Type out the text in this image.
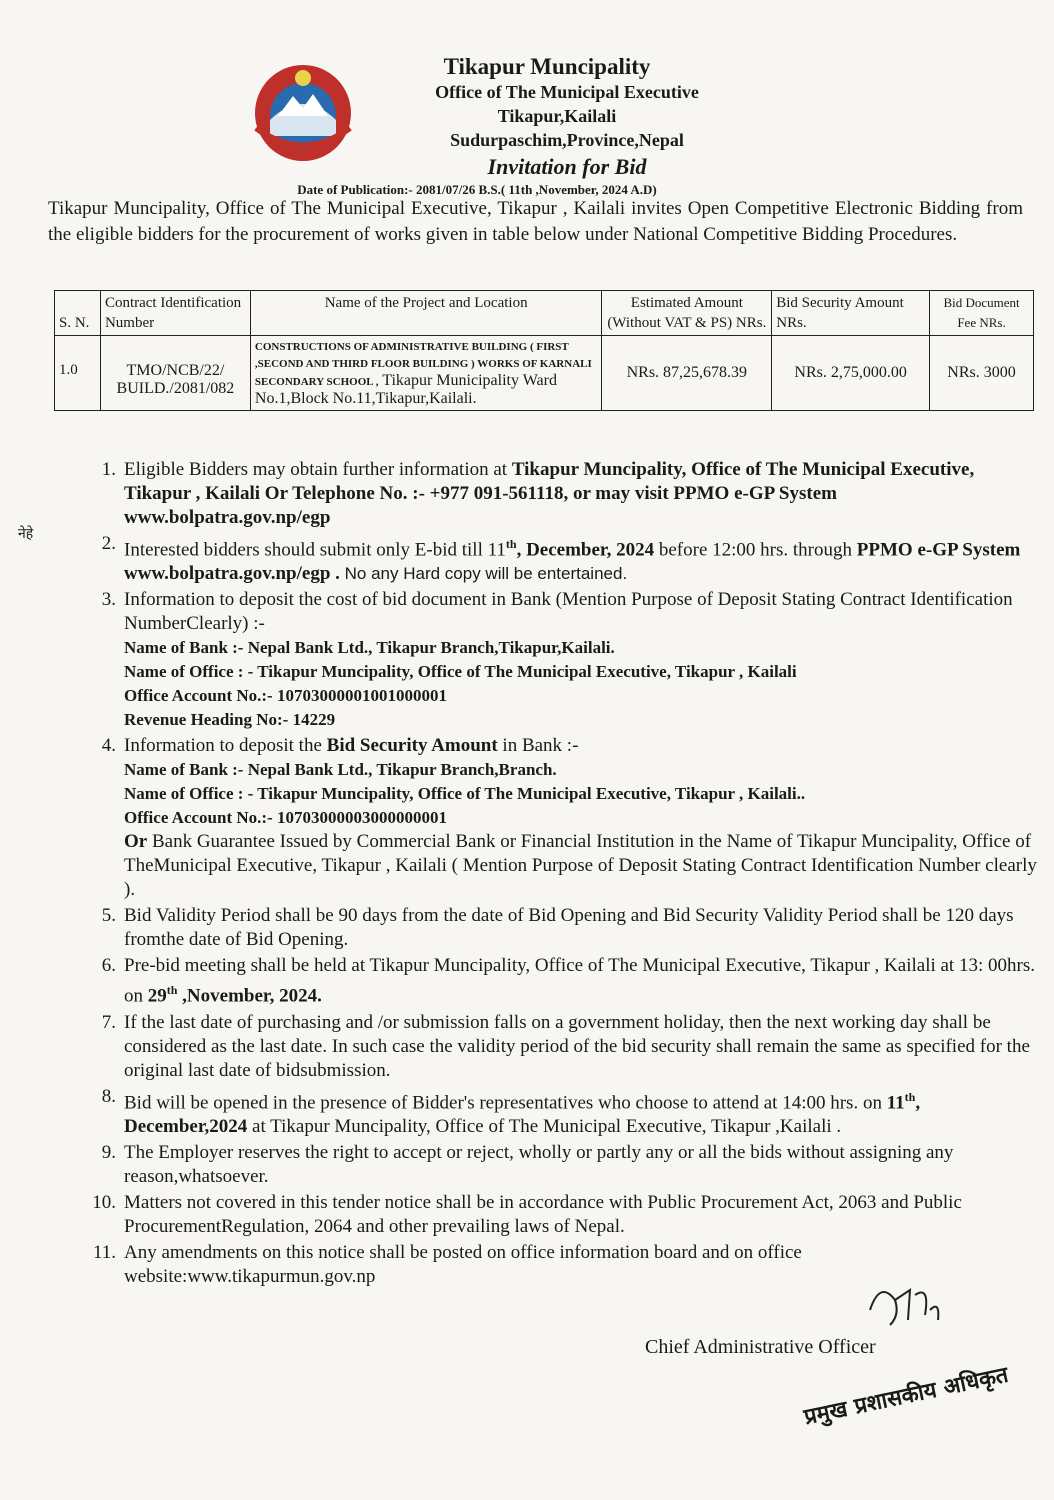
Tikapur Muncipality
Office of The Municipal Executive
Tikapur,Kailali
Sudurpaschim,Province,Nepal
Invitation for Bid
Date of Publication:- 2081/07/26 B.S.( 11th ,November, 2024 A.D)
Tikapur Muncipality, Office of The Municipal Executive, Tikapur , Kailali invites Open Competitive Electronic Bidding from the eligible bidders for the procurement of works given in table below under National Competitive Bidding Procedures.
S. N.	Contract Identification Number	Name of the Project and Location	Estimated Amount (Without VAT & PS) NRs.	Bid Security Amount NRs.	Bid Document Fee NRs.
1.0	TMO/NCB/22/ BUILD./2081/082	CONSTRUCTIONS OF ADMINISTRATIVE BUILDING ( FIRST ,SECOND AND THIRD FLOOR BUILDING ) WORKS OF KARNALI SECONDARY SCHOOL , Tikapur Municipality Ward No.1,Block No.11,Tikapur,Kailali.	NRs. 87,25,678.39	NRs. 2,75,000.00	NRs. 3000
नेहे
1. Eligible Bidders may obtain further information at Tikapur Muncipality, Office of The Municipal Executive, Tikapur , Kailali Or Telephone No. :- +977 091-561118, or may visit PPMO e-GP System www.bolpatra.gov.np/egp
2. Interested bidders should submit only E-bid till 11th, December, 2024 before 12:00 hrs. through PPMO e-GP System www.bolpatra.gov.np/egp . No any Hard copy will be entertained.
3. Information to deposit the cost of bid document in Bank (Mention Purpose of Deposit Stating Contract Identification NumberClearly) :-
Name of Bank :- Nepal Bank Ltd., Tikapur Branch,Tikapur,Kailali.
Name of Office : - Tikapur Muncipality, Office of The Municipal Executive, Tikapur , Kailali
Office Account No.:- 10703000001001000001
Revenue Heading No:- 14229
4. Information to deposit the Bid Security Amount in Bank :-
Name of Bank :- Nepal Bank Ltd., Tikapur Branch,Branch.
Name of Office : - Tikapur Muncipality, Office of The Municipal Executive, Tikapur , Kailali..
Office Account No.:- 10703000003000000001
Or Bank Guarantee Issued by Commercial Bank or Financial Institution in the Name of Tikapur Muncipality, Office of TheMunicipal Executive, Tikapur , Kailali ( Mention Purpose of Deposit Stating Contract Identification Number clearly ).
5. Bid Validity Period shall be 90 days from the date of Bid Opening and Bid Security Validity Period shall be 120 days fromthe date of Bid Opening.
6. Pre-bid meeting shall be held at Tikapur Muncipality, Office of The Municipal Executive, Tikapur , Kailali at 13: 00hrs. on 29th ,November, 2024.
7. If the last date of purchasing and /or submission falls on a government holiday, then the next working day shall be considered as the last date. In such case the validity period of the bid security shall remain the same as specified for the original last date of bidsubmission.
8. Bid will be opened in the presence of Bidder's representatives who choose to attend at 14:00 hrs. on 11th, December,2024 at Tikapur Muncipality, Office of The Municipal Executive, Tikapur ,Kailali .
9. The Employer reserves the right to accept or reject, wholly or partly any or all the bids without assigning any reason,whatsoever.
10. Matters not covered in this tender notice shall be in accordance with Public Procurement Act, 2063 and Public ProcurementRegulation, 2064 and other prevailing laws of Nepal.
11. Any amendments on this notice shall be posted on office information board and on office website:www.tikapurmun.gov.np
Chief Administrative Officer
प्रमुख प्रशासकीय अधिकृत
